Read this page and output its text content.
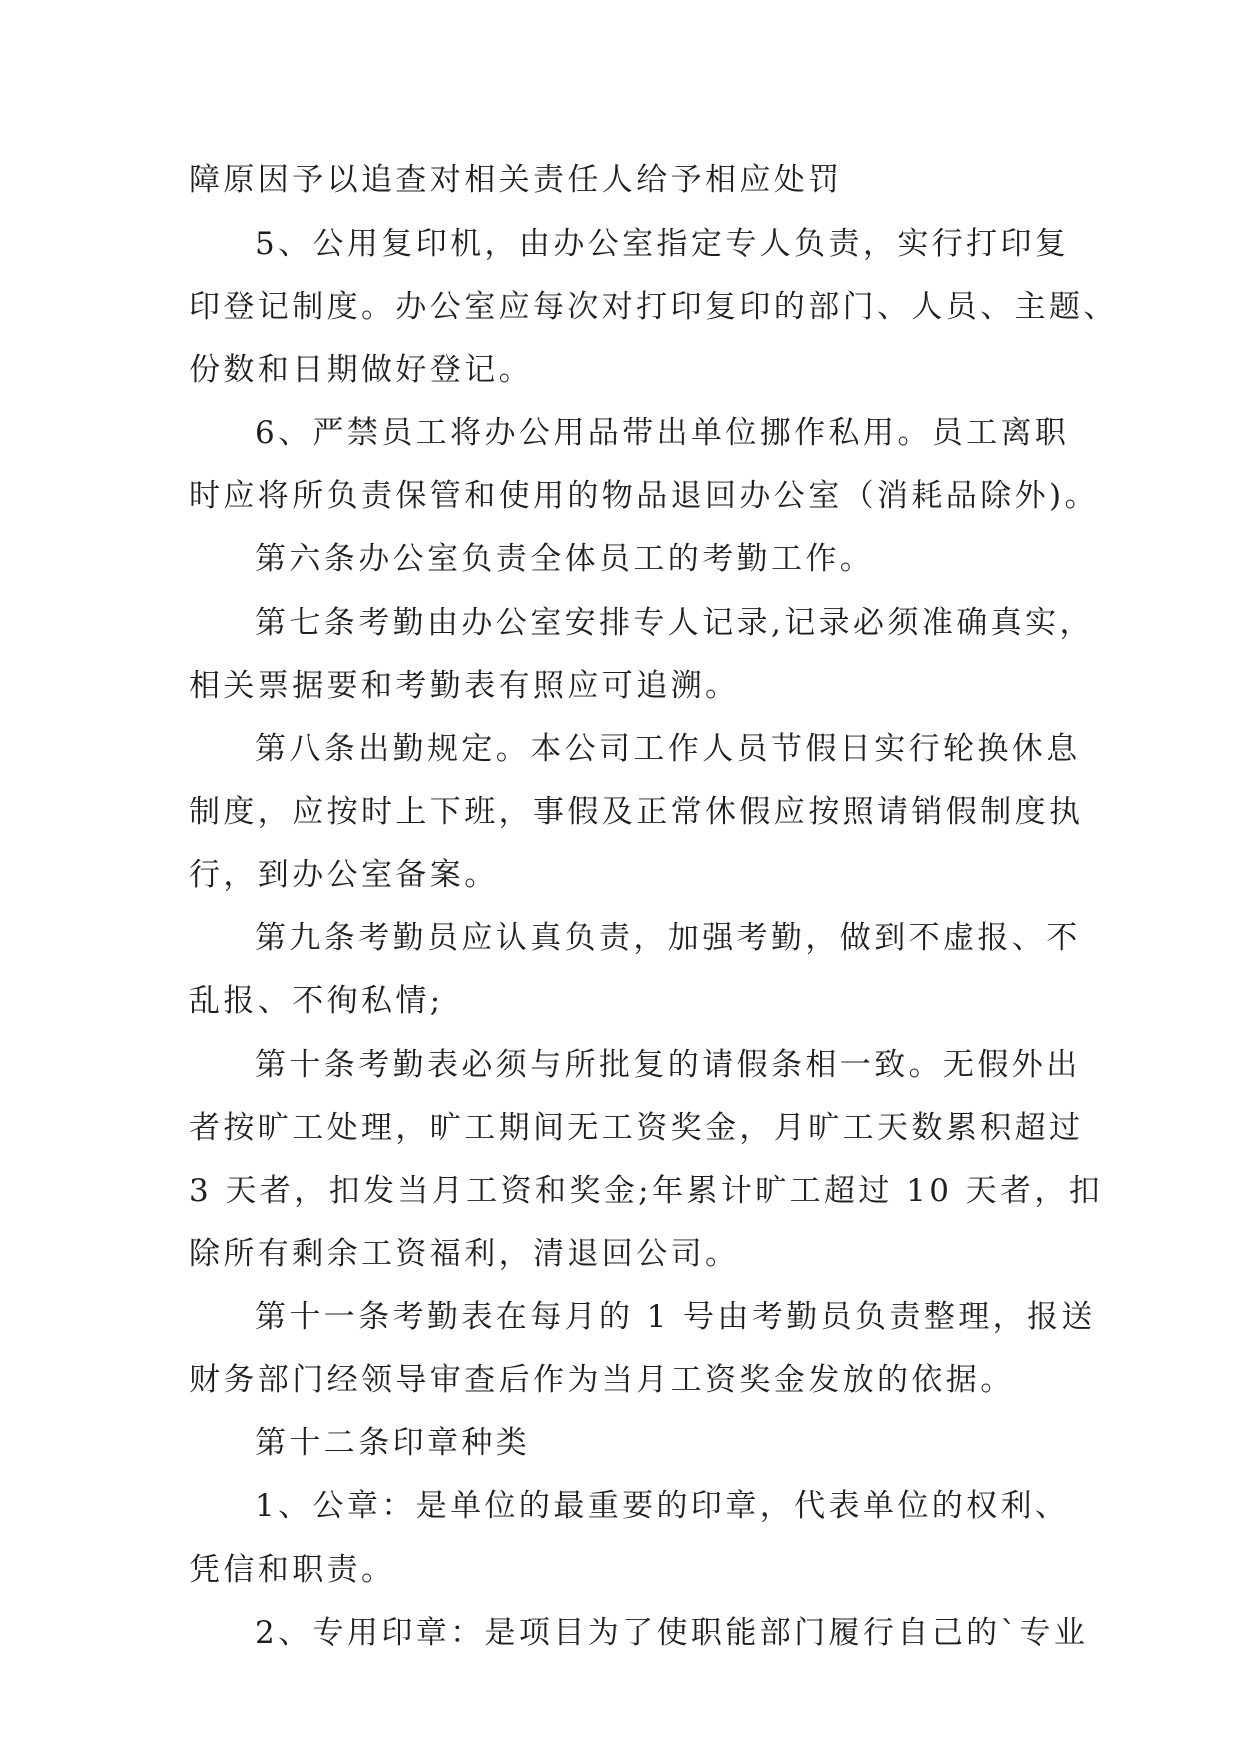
障原因予以追查对相关责任人给予相应处罚
5、公用复印机，由办公室指定专人负责，实行打印复
印登记制度。办公室应每次对打印复印的部门、人员、主题、
份数和日期做好登记。
6、严禁员工将办公用品带出单位挪作私用。员工离职
时应将所负责保管和使用的物品退回办公室（消耗品除外)。
第六条办公室负责全体员工的考勤工作。
第七条考勤由办公室安排专人记录,记录必须准确真实，
相关票据要和考勤表有照应可追溯。
第八条出勤规定。本公司工作人员节假日实行轮换休息
制度，应按时上下班，事假及正常休假应按照请销假制度执
行，到办公室备案。
第九条考勤员应认真负责，加强考勤，做到不虚报、不
乱报、不徇私情;
第十条考勤表必须与所批复的请假条相一致。无假外出
者按旷工处理，旷工期间无工资奖金，月旷工天数累积超过
3 天者，扣发当月工资和奖金;年累计旷工超过 10 天者，扣
除所有剩余工资福利，清退回公司。
第十一条考勤表在每月的 1 号由考勤员负责整理，报送
财务部门经领导审查后作为当月工资奖金发放的依据。
第十二条印章种类
1、公章：是单位的最重要的印章，代表单位的权利、
凭信和职责。
2、专用印章：是项目为了使职能部门履行自己的`专业
